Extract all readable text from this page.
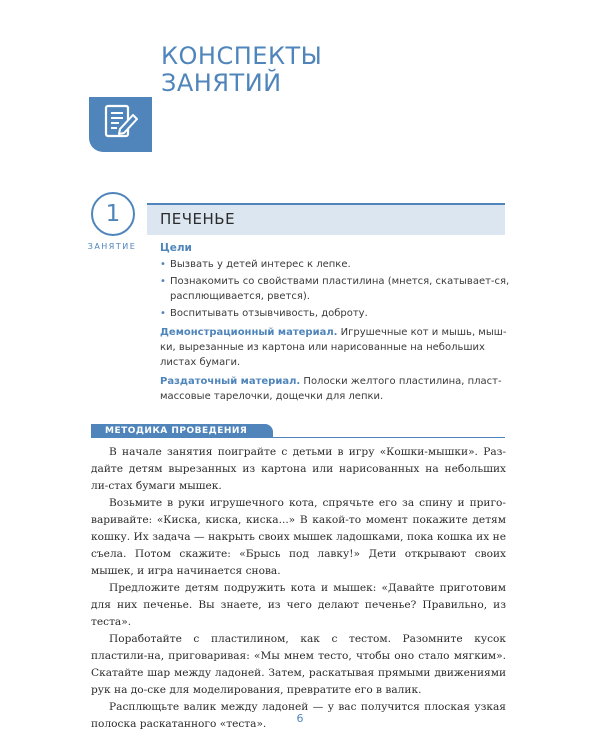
КОНСПЕКТЫ
ЗАНЯТИЙ
1
ЗАНЯТИЕ
ПЕЧЕНЬЕ
Цели
• Вызвать у детей интерес к лепке.
• Познакомить со свойствами пластилина (мнется, скатывает-ся, расплющивается, рвется).
• Воспитывать отзывчивость, доброту.
Демонстрационный материал. Игрушечные кот и мышь, мыш-ки, вырезанные из картона или нарисованные на небольших листах бумаги.
Раздаточный материал. Полоски желтого пластилина, пласт-массовые тарелочки, дощечки для лепки.
МЕТОДИКА ПРОВЕДЕНИЯ

В начале занятия поиграйте с детьми в игру «Кошки-мышки». Раз-дайте детям вырезанных из картона или нарисованных на небольших ли-стах бумаги мышек.

Возьмите в руки игрушечного кота, спрячьте его за спину и приго-варивайте: «Киска, киска, киска...» В какой-то момент покажите детям кошку. Их задача — накрыть своих мышек ладошками, пока кошка их не съела. Потом скажите: «Брысь под лавку!» Дети открывают своих мышек, и игра начинается снова.

Предложите детям подружить кота и мышек: «Давайте приготовим для них печенье. Вы знаете, из чего делают печенье? Правильно, из теста».

Поработайте с пластилином, как с тестом. Разомните кусок пластили-на, приговаривая: «Мы мнем тесто, чтобы оно стало мягким». Скатайте шар между ладоней. Затем, раскатывая прямыми движениями рук на до-ске для моделирования, превратите его в валик.

Расплющьте валик между ладоней — у вас получится плоская узкая полоска раскатанного «теста».	6
